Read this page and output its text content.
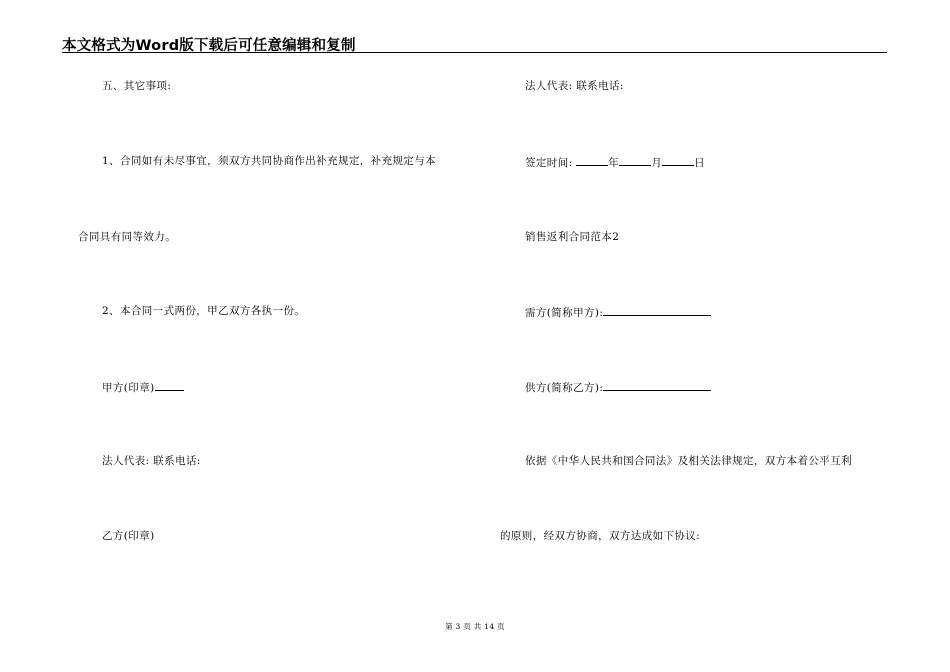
本文格式为Word版下载后可任意编辑和复制
五、其它事项:
1、合同如有未尽事宜，须双方共同协商作出补充规定，补充规定与本
合同具有同等效力。
2、本合同一式两份，甲乙双方各执一份。
甲方(印章)
法人代表: 联系电话:
乙方(印章)
法人代表: 联系电话:
签定时间:	年	月	日
销售返利合同范本2
需方(简称甲方):
供方(简称乙方):
依据《中华人民共和国合同法》及相关法律规定，双方本着公平互利
的原则，经双方协商，双方达成如下协议:
第 3 页 共 14 页
